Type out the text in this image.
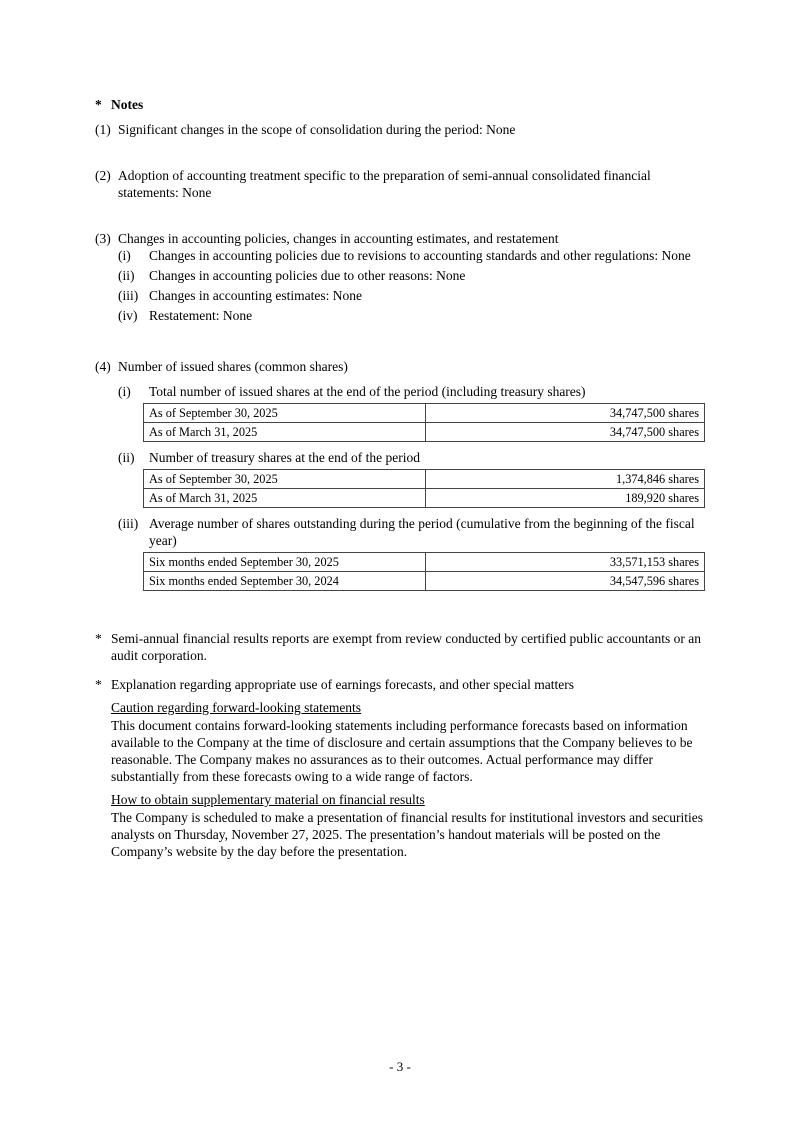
* Notes
(1) Significant changes in the scope of consolidation during the period: None
(2) Adoption of accounting treatment specific to the preparation of semi-annual consolidated financial statements: None
(3) Changes in accounting policies, changes in accounting estimates, and restatement
(i)	Changes in accounting policies due to revisions to accounting standards and other regulations: None
(ii)	Changes in accounting policies due to other reasons: None
(iii) Changes in accounting estimates: None
(iv) Restatement: None
(4) Number of issued shares (common shares)
(i)	Total number of issued shares at the end of the period (including treasury shares)
As of September 30, 2025	34,747,500 shares
As of March 31, 2025	34,747,500 shares
(ii)	Number of treasury shares at the end of the period
As of September 30, 2025	1,374,846 shares
As of March 31, 2025	189,920 shares
(iii) Average number of shares outstanding during the period (cumulative from the beginning of the fiscal year)
Six months ended September 30, 2025	33,571,153 shares
Six months ended September 30, 2024	34,547,596 shares
* Semi-annual financial results reports are exempt from review conducted by certified public accountants or an audit corporation.
* Explanation regarding appropriate use of earnings forecasts, and other special matters
Caution regarding forward-looking statements
This document contains forward-looking statements including performance forecasts based on information available to the Company at the time of disclosure and certain assumptions that the Company believes to be reasonable. The Company makes no assurances as to their outcomes. Actual performance may differ substantially from these forecasts owing to a wide range of factors.
How to obtain supplementary material on financial results
The Company is scheduled to make a presentation of financial results for institutional investors and securities analysts on Thursday, November 27, 2025. The presentation’s handout materials will be posted on the Company’s website by the day before the presentation.
- 3 -
